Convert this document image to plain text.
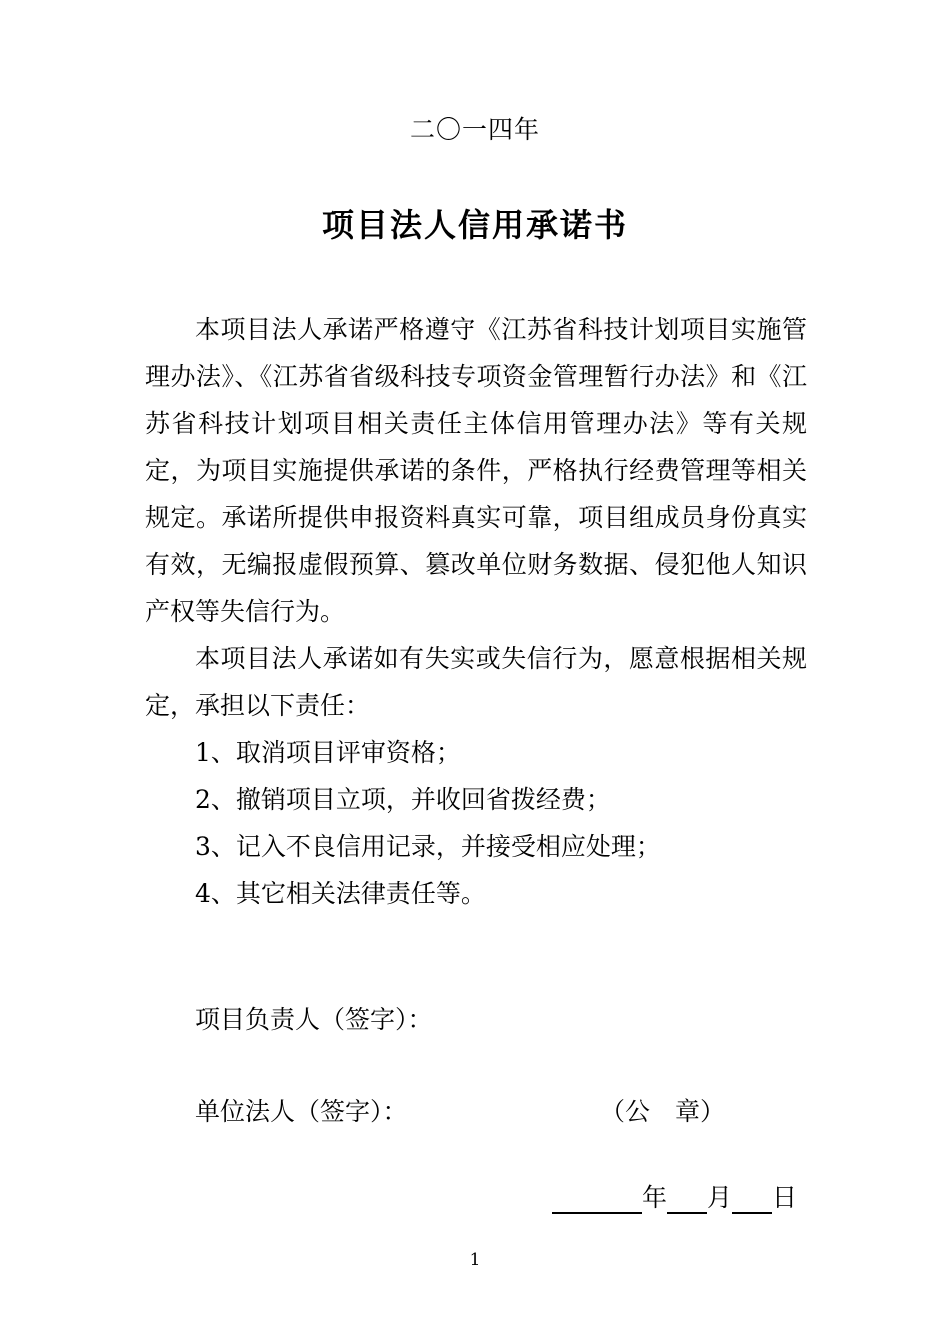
二〇一四年
项目法人信用承诺书

本项目法人承诺严格遵守《江苏省科技计划项目实施管理办法》、《江苏省省级科技专项资金管理暂行办法》和《江苏省科技计划项目相关责任主体信用管理办法》等有关规定，为项目实施提供承诺的条件，严格执行经费管理等相关规定。承诺所提供申报资料真实可靠，项目组成员身份真实有效，无编报虚假预算、篡改单位财务数据、侵犯他人知识产权等失信行为。

本项目法人承诺如有失实或失信行为，愿意根据相关规定，承担以下责任：

1、取消项目评审资格；

2、撤销项目立项，并收回省拨经费；

3、记入不良信用记录，并接受相应处理；

4、其它相关法律责任等。

项目负责人（签字）：
单位法人（签字）：	（公　章）
年 月 日
1
